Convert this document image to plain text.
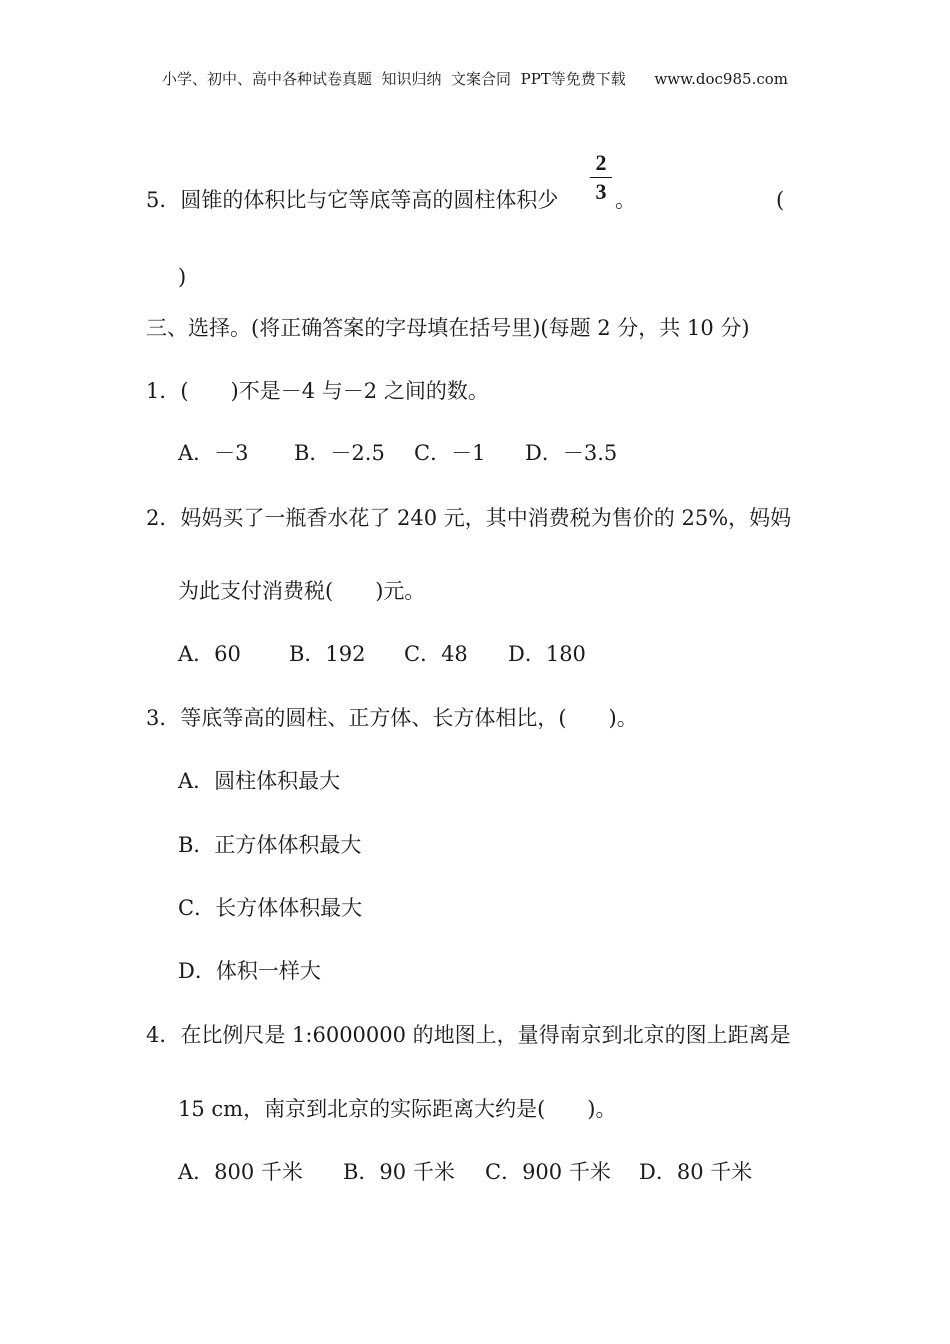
小学、初中、高中各种试卷真题  知识归纳  文案合同  PPT等免费下载      www.doc985.com
5．圆锥的体积比与它等底等高的圆柱体积少
2
3 。	(
)
三、选择。(将正确答案的字母填在括号里)(每题 2 分，共 10 分)
1．(　　)不是－4 与－2 之间的数。
A．－3 B．－2.5 C．－1 D．－3.5
2．妈妈买了一瓶香水花了 240 元，其中消费税为售价的 25%，妈妈
为此支付消费税(　　)元。
A．60 B．192 C．48 D．180
3．等底等高的圆柱、正方体、长方体相比，(　　)。
A．圆柱体积最大
B．正方体体积最大
C．长方体体积最大
D．体积一样大
4．在比例尺是 1:6000000 的地图上，量得南京到北京的图上距离是
15 cm，南京到北京的实际距离大约是(　　)。
A．800 千米 B．90 千米 C．900 千米 D．80 千米
